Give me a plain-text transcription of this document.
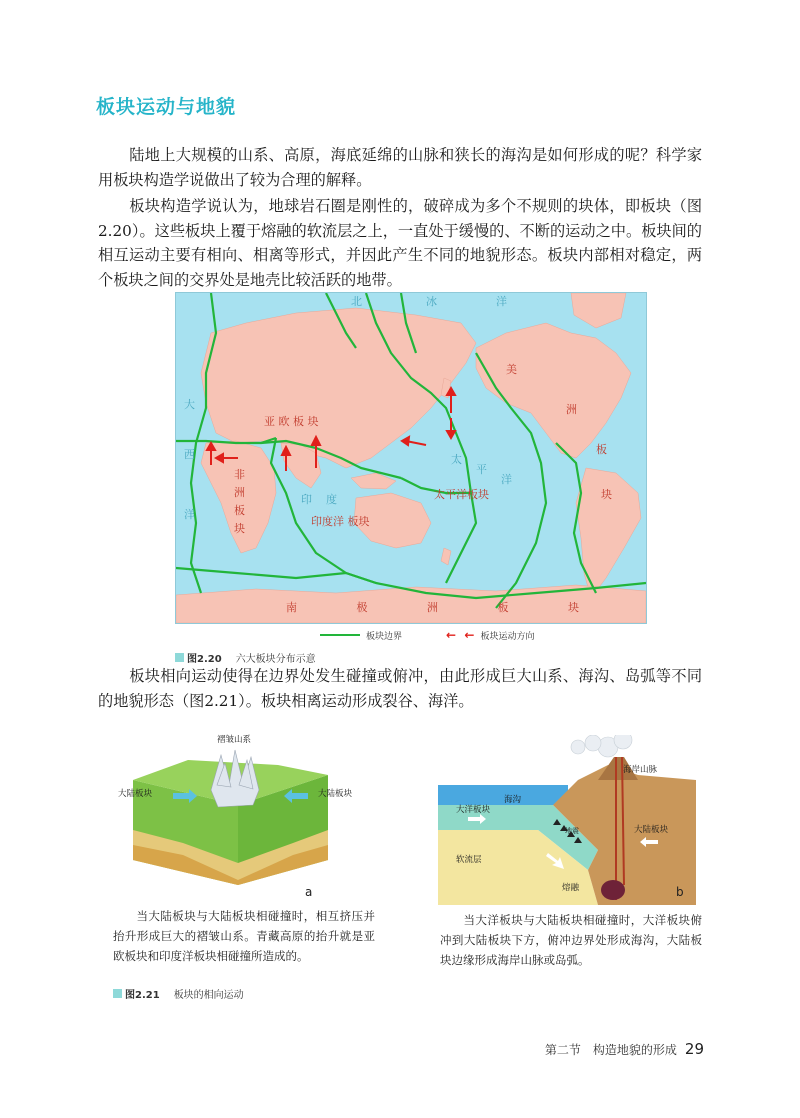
板块运动与地貌

陆地上大规模的山系、高原，海底延绵的山脉和狭长的海沟是如何形成的呢？科学家用板块构造学说做出了较为合理的解释。

板块构造学说认为，地球岩石圈是刚性的，破碎成为多个不规则的块体，即板块（图2.20）。这些板块上覆于熔融的软流层之上，一直处于缓慢的、不断的运动之中。板块间的相互运动主要有相向、相离等形式，并因此产生不同的地貌形态。板块内部相对稳定，两个板块之间的交界处是地壳比较活跃的地带。

亚 欧 板 块
太平洋板块
印度洋 板块
南 极 洲 板 块
非
洲
板
块
美
洲
板
块
北	冰	洋
大
西
洋
印 度
太
平
洋
板块边界	←  ← 板块运动方向
图2.20 六大板块分布示意

板块相向运动使得在边界处发生碰撞或俯冲，由此形成巨大山系、海沟、岛弧等不同的地貌形态（图2.21）。板块相离运动形成裂谷、海洋。

褶皱山系
大陆板块	大陆板块
a
当大陆板块与大陆板块相碰撞时，相互挤压并抬升形成巨大的褶皱山系。青藏高原的抬升就是亚欧板块和印度洋板块相碰撞所造成的。
海岸山脉
海沟
大洋板块
大陆板块
软流层
地震
熔融	b
当大洋板块与大陆板块相碰撞时，大洋板块俯冲到大陆板块下方，俯冲边界处形成海沟，大陆板块边缘形成海岸山脉或岛弧。
图2.21 板块的相向运动
第二节　构造地貌的形成 29
